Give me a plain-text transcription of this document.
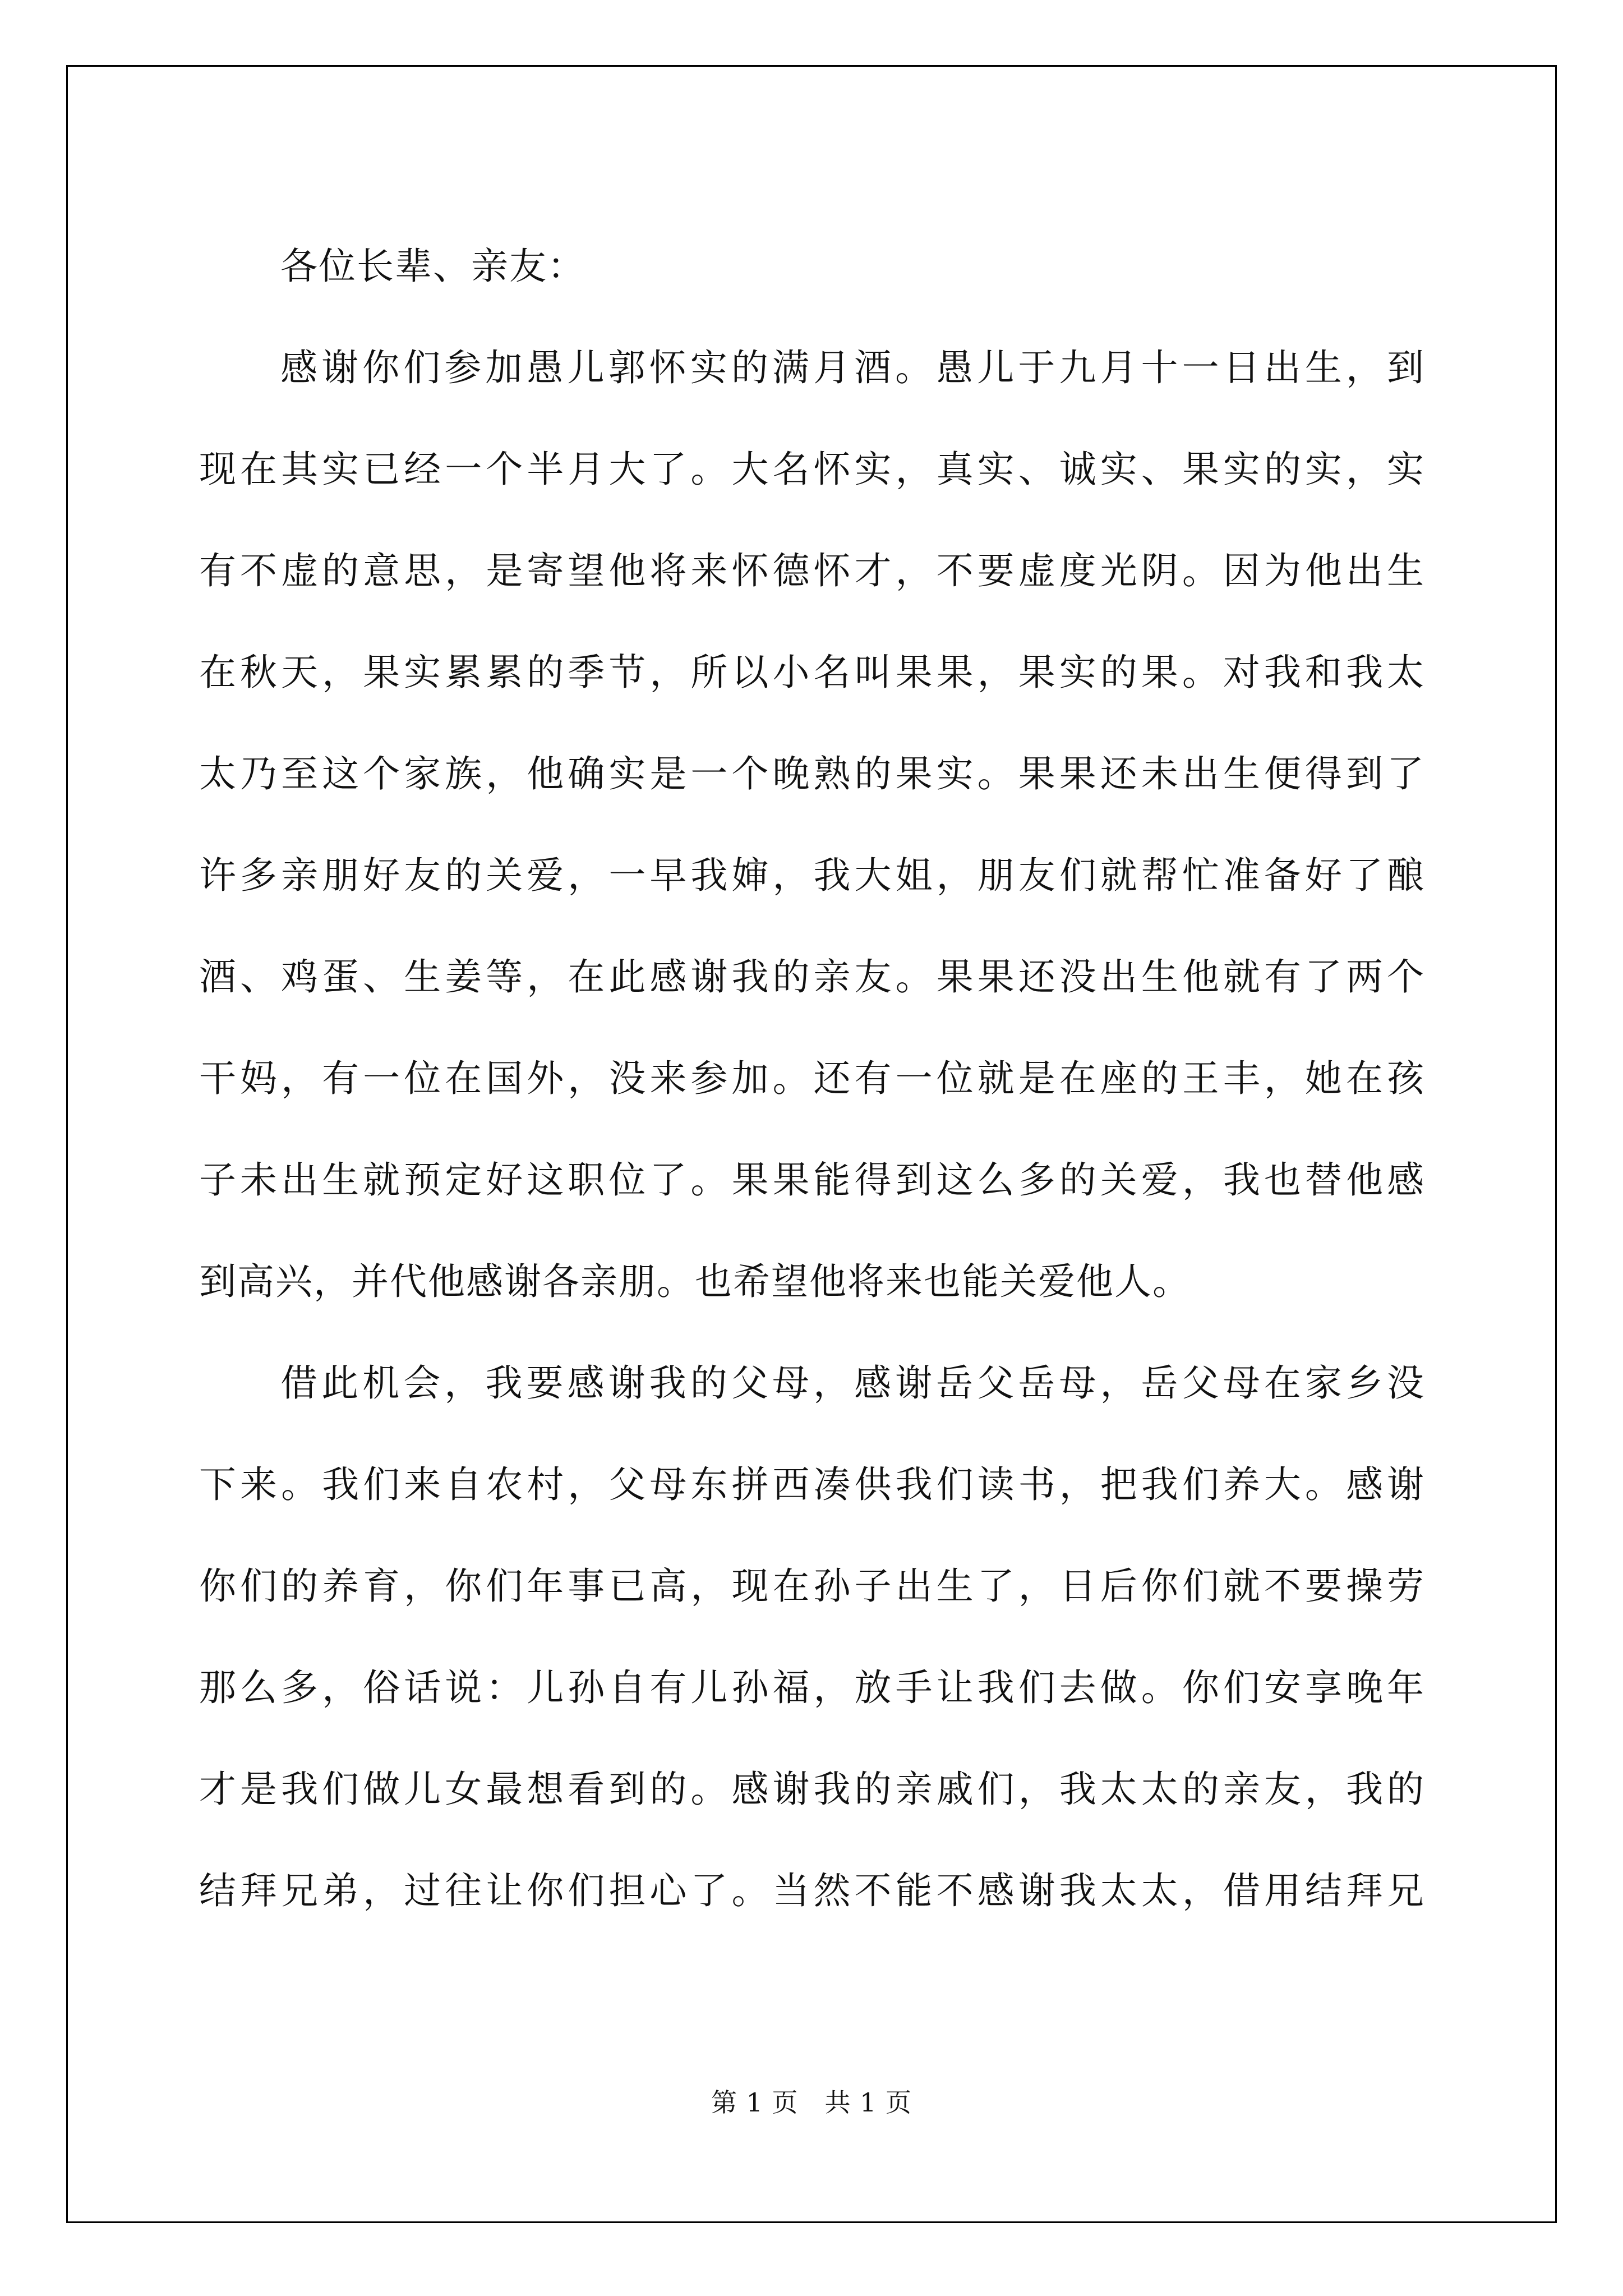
各位长辈、亲友：
感谢你们参加愚儿郭怀实的满月酒。愚儿于九月十一日出生，到
现在其实已经一个半月大了。大名怀实，真实、诚实、果实的实，实
有不虚的意思，是寄望他将来怀德怀才，不要虚度光阴。因为他出生
在秋天，果实累累的季节，所以小名叫果果，果实的果。对我和我太
太乃至这个家族，他确实是一个晚熟的果实。果果还未出生便得到了
许多亲朋好友的关爱，一早我婶，我大姐，朋友们就帮忙准备好了酿
酒、鸡蛋、生姜等，在此感谢我的亲友。果果还没出生他就有了两个
干妈，有一位在国外，没来参加。还有一位就是在座的王丰，她在孩
子未出生就预定好这职位了。果果能得到这么多的关爱，我也替他感
到高兴，并代他感谢各亲朋。也希望他将来也能关爱他人。
借此机会，我要感谢我的父母，感谢岳父岳母，岳父母在家乡没
下来。我们来自农村，父母东拼西凑供我们读书，把我们养大。感谢
你们的养育，你们年事已高，现在孙子出生了，日后你们就不要操劳
那么多，俗话说：儿孙自有儿孙福，放手让我们去做。你们安享晚年
才是我们做儿女最想看到的。感谢我的亲戚们，我太太的亲友，我的
结拜兄弟，过往让你们担心了。当然不能不感谢我太太，借用结拜兄
第 1 页　共 1 页
